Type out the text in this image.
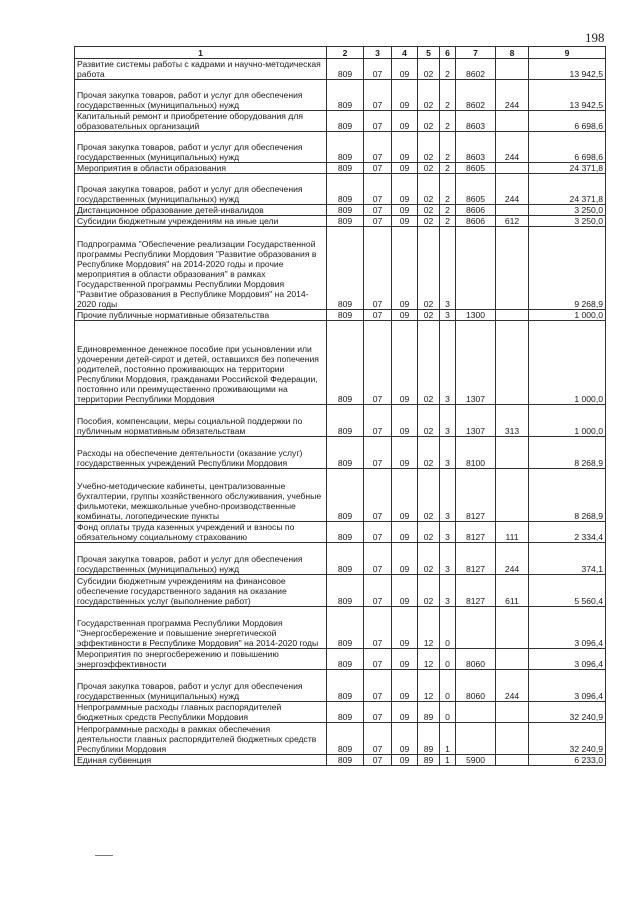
198
1	2	3	4	5	6	7	8	9
Развитие системы работы с кадрами и научно-методическая работа	809	07	09	02	2	8602		13 942,5
Прочая закупка товаров, работ и услуг для обеспечения государственных (муниципальных) нужд	809	07	09	02	2	8602	244	13 942,5
Капитальный ремонт и приобретение оборудования для образовательных организаций	809	07	09	02	2	8603		6 698,6
Прочая закупка товаров, работ и услуг для обеспечения государственных (муниципальных) нужд	809	07	09	02	2	8603	244	6 698,6
Мероприятия в области образования	809	07	09	02	2	8605		24 371,8
Прочая закупка товаров, работ и услуг для обеспечения государственных (муниципальных) нужд	809	07	09	02	2	8605	244	24 371,8
Дистанционное образование детей-инвалидов	809	07	09	02	2	8606		3 250,0
Субсидии бюджетным учреждениям на иные цели	809	07	09	02	2	8606	612	3 250,0
Подпрограмма "Обеспечение реализации Государственной программы Республики Мордовия "Развитие образования в Республике Мордовия" на 2014-2020 годы и прочие мероприятия в области образования" в рамках Государственной программы Республики Мордовия "Развитие образования в Республике Мордовия" на 2014-2020 годы	809	07	09	02	3			9 268,9
Прочие публичные нормативные обязательства	809	07	09	02	3	1300		1 000,0
Единовременное денежное пособие при усыновлении или удочерении детей-сирот и детей, оставшихся без попечения родителей, постоянно проживающих на территории Республики Мордовия, гражданами Российской Федерации, постоянно или преимущественно проживающими на территории Республики Мордовия	809	07	09	02	3	1307		1 000,0
Пособия, компенсации, меры социальной поддержки по публичным нормативным обязательствам	809	07	09	02	3	1307	313	1 000,0
Расходы на обеспечение деятельности (оказание услуг) государственных учреждений Республики Мордовия	809	07	09	02	3	8100		8 268,9
Учебно-методические кабинеты, централизованные бухгалтерии, группы хозяйственного обслуживания, учебные фильмотеки, межшкольные учебно-производственные комбинаты, логопедические пункты	809	07	09	02	3	8127		8 268,9
Фонд оплаты труда казенных учреждений и взносы по обязательному социальному страхованию	809	07	09	02	3	8127	111	2 334,4
Прочая закупка товаров, работ и услуг для обеспечения государственных (муниципальных) нужд	809	07	09	02	3	8127	244	374,1
Субсидии бюджетным учреждениям на финансовое обеспечение государственного задания на оказание государственных услуг (выполнение работ)	809	07	09	02	3	8127	611	5 560,4
Государственная программа Республики Мордовия "Энергосбережение и повышение энергетической эффективности в Республике Мордовия" на 2014-2020 годы	809	07	09	12	0			3 096,4
Мероприятия по энергосбережению и повышению энергоэффективности	809	07	09	12	0	8060		3 096,4
Прочая закупка товаров, работ и услуг для обеспечения государственных (муниципальных) нужд	809	07	09	12	0	8060	244	3 096,4
Непрограммные расходы главных распорядителей бюджетных средств Республики Мордовия	809	07	09	89	0			32 240,9
Непрограммные расходы в рамках обеспечения деятельности главных распорядителей бюджетных средств Республики Мордовия	809	07	09	89	1			32 240,9
Единая субвенция	809	07	09	89	1	5900		6 233,0
